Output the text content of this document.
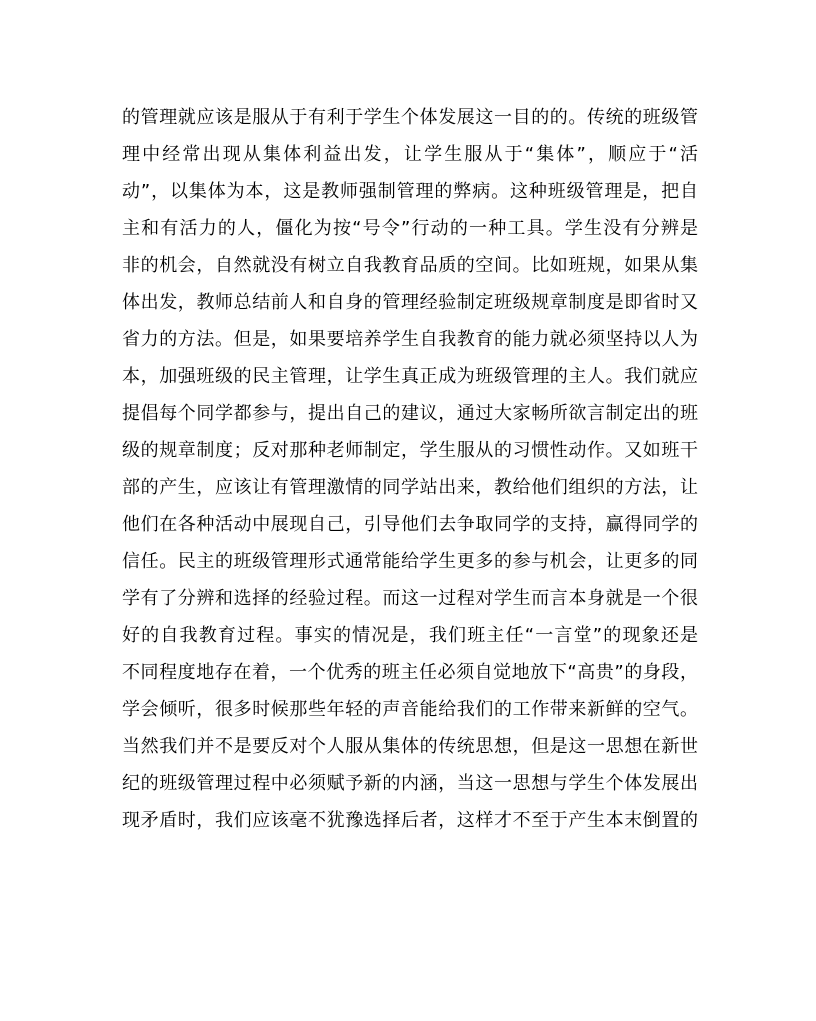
的管理就应该是服从于有利于学生个体发展这一目的的。传统的班级管
理中经常出现从集体利益出发，让学生服从于“集体”，顺应于“活
动”，以集体为本，这是教师强制管理的弊病。这种班级管理是，把自
主和有活力的人，僵化为按“号令”行动的一种工具。学生没有分辨是
非的机会，自然就没有树立自我教育品质的空间。比如班规，如果从集
体出发，教师总结前人和自身的管理经验制定班级规章制度是即省时又
省力的方法。但是，如果要培养学生自我教育的能力就必须坚持以人为
本，加强班级的民主管理，让学生真正成为班级管理的主人。我们就应
提倡每个同学都参与，提出自己的建议，通过大家畅所欲言制定出的班
级的规章制度；反对那种老师制定，学生服从的习惯性动作。又如班干
部的产生，应该让有管理激情的同学站出来，教给他们组织的方法，让
他们在各种活动中展现自己，引导他们去争取同学的支持，赢得同学的
信任。民主的班级管理形式通常能给学生更多的参与机会，让更多的同
学有了分辨和选择的经验过程。而这一过程对学生而言本身就是一个很
好的自我教育过程。事实的情况是，我们班主任“一言堂”的现象还是
不同程度地存在着，一个优秀的班主任必须自觉地放下“高贵”的身段，
学会倾听，很多时候那些年轻的声音能给我们的工作带来新鲜的空气。
当然我们并不是要反对个人服从集体的传统思想，但是这一思想在新世
纪的班级管理过程中必须赋予新的内涵，当这一思想与学生个体发展出
现矛盾时，我们应该毫不犹豫选择后者，这样才不至于产生本末倒置的
